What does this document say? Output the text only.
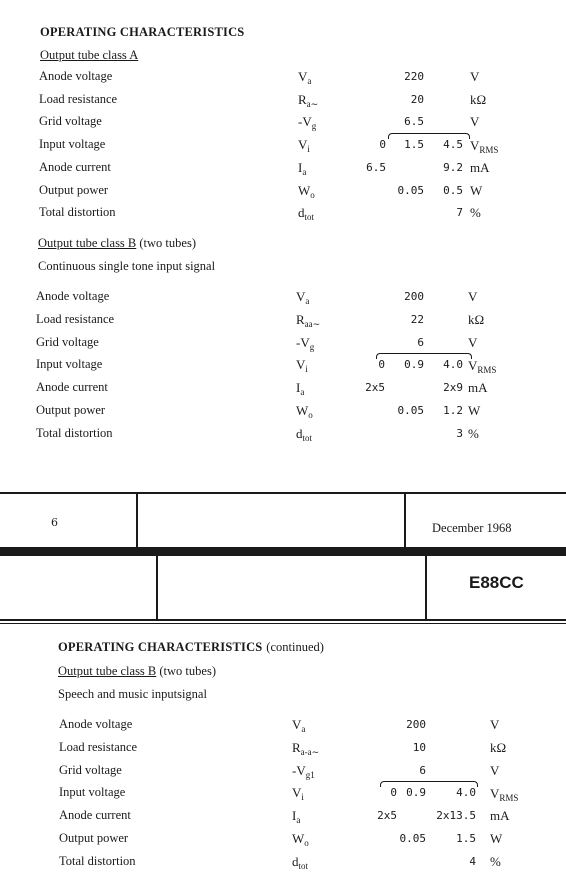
OPERATING CHARACTERISTICS
Output tube class A
Anode voltage	$V_a$	220	V
Load resistance	$R_{a\sim}$	20	kΩ
Grid voltage	$-V_g$	6.5	V
Input voltage	$V_i$	0 1.5 4.5 $V_{RMS}$
Anode current	$I_a$	6.5	9.2 mA
Output power	$W_o$	0.05 0.5 W
Total distortion	$d_{tot}$	7 %
Output tube class B (two tubes)
Continuous single tone input signal
Anode voltage	$V_a$	200	V
Load resistance	$R_{aa\sim}$	22	kΩ
Grid voltage	$-V_g$	6	V
Input voltage	$V_i$	0 0.9 4.0 $V_{RMS}$
Anode current	$I_a$	2x5	2x9 mA
Output power	$W_o$	0.05 1.2 W
Total distortion	$d_{tot}$	3 %
6	December 1968
E88CC
OPERATING CHARACTERISTICS (continued)
Output tube class B (two tubes)
Speech and music inputsignal
Anode voltage	$V_a$	200	V
Load resistance	$R_{a-a\sim}$	10	kΩ
Grid voltage	$-V_{g1}$	6	V
Input voltage	$V_i$	0 0.9	4.0 $V_{RMS}$
Anode current	$I_a$	2x5	2x13.5 mA
Output power	$W_o$	0.05	1.5 W
Total distortion	$d_{tot}$	4 %
